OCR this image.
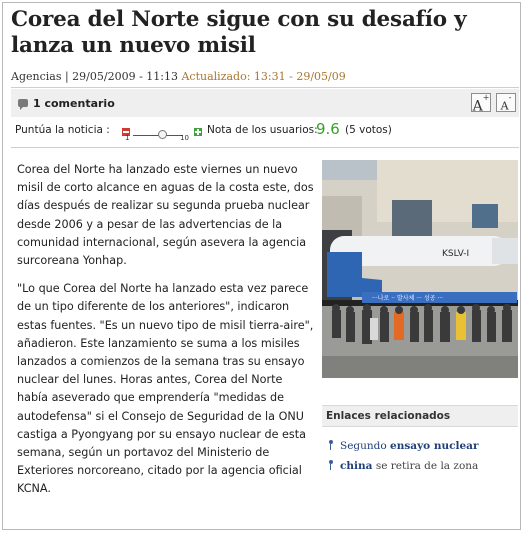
Corea del Norte sigue con su desafío y lanza un nuevo misil
Agencias | 29/05/2009 - 11:13 Actualizado: 13:31 - 29/05/09
1 comentario	A+
A-
Puntúa la noticia :
1	10
Nota de los usuarios:
9.6 (5 votos)

Corea del Norte ha lanzado este viernes un nuevo misil de corto alcance en aguas de la costa este, dos días después de realizar su segunda prueba nuclear desde 2006 y a pesar de las advertencias de la comunidad internacional, según asevera la agencia surcoreana Yonhap.

"Lo que Corea del Norte ha lanzado esta vez parece de un tipo diferente de los anteriores", indicaron estas fuentes. "Es un nuevo tipo de misil tierra-aire", añadieron. Este lanzamiento se suma a los misiles lanzados a comienzos de la semana tras su ensayo nuclear del lunes. Horas antes, Corea del Norte había aseverado que emprendería "medidas de autodefensa" si el Consejo de Seguridad de la ONU castiga a Pyongyang por su ensayo nuclear de esta semana, según un portavoz del Ministerio de Exteriores norcoreano, citado por la agencia oficial KCNA.

KSLV-I
···나로 ·· 발사체 ··· 성공 ···
Enlaces relacionados
Segundo ensayo nuclear
china se retira de la zona
